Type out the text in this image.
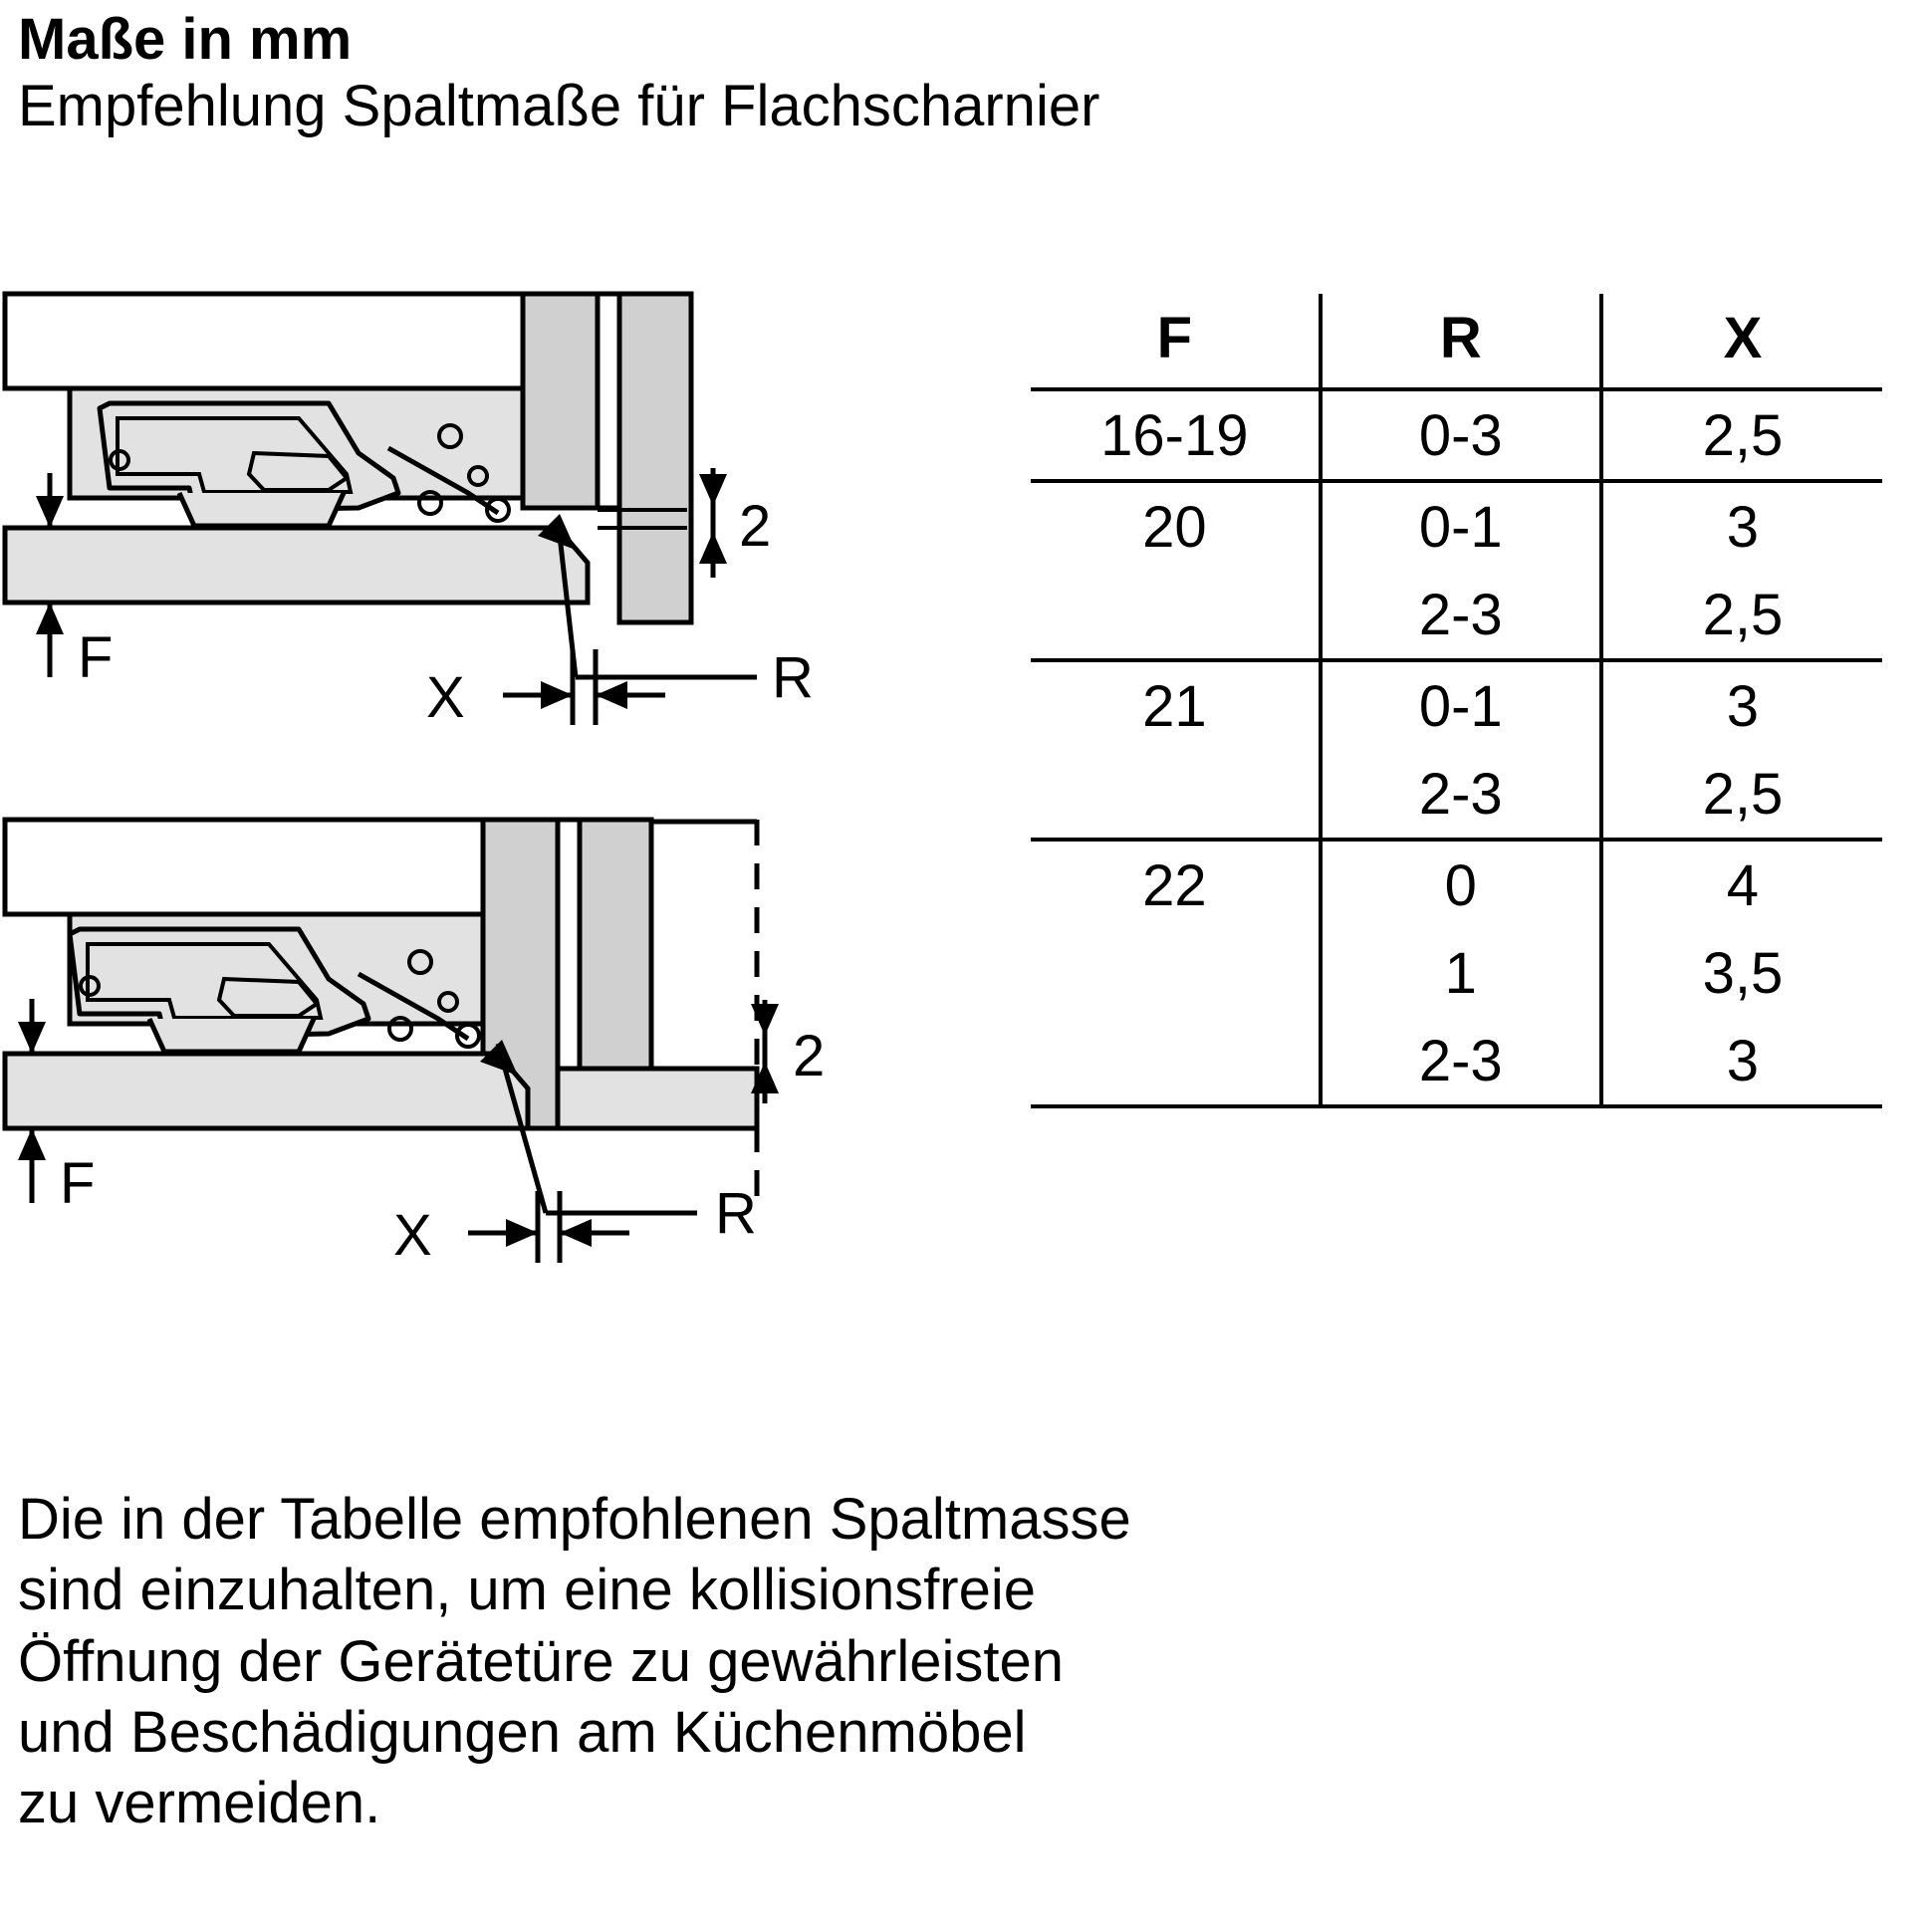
Maße in mm
Empfehlung Spaltmaße für Flachscharnier
2
F	R
X
2
F	R
X
F	R	X
16-19	0-3	2,5
20	0-1	3
	2-3	2,5
21	0-1	3
	2-3	2,5
22	0	4
	1	3,5
	2-3	3

Die in der Tabelle empfohlenen Spaltmasse

sind einzuhalten, um eine kollisionsfreie

Öffnung der Gerätetüre zu gewährleisten

und Beschädigungen am Küchenmöbel

zu vermeiden.
